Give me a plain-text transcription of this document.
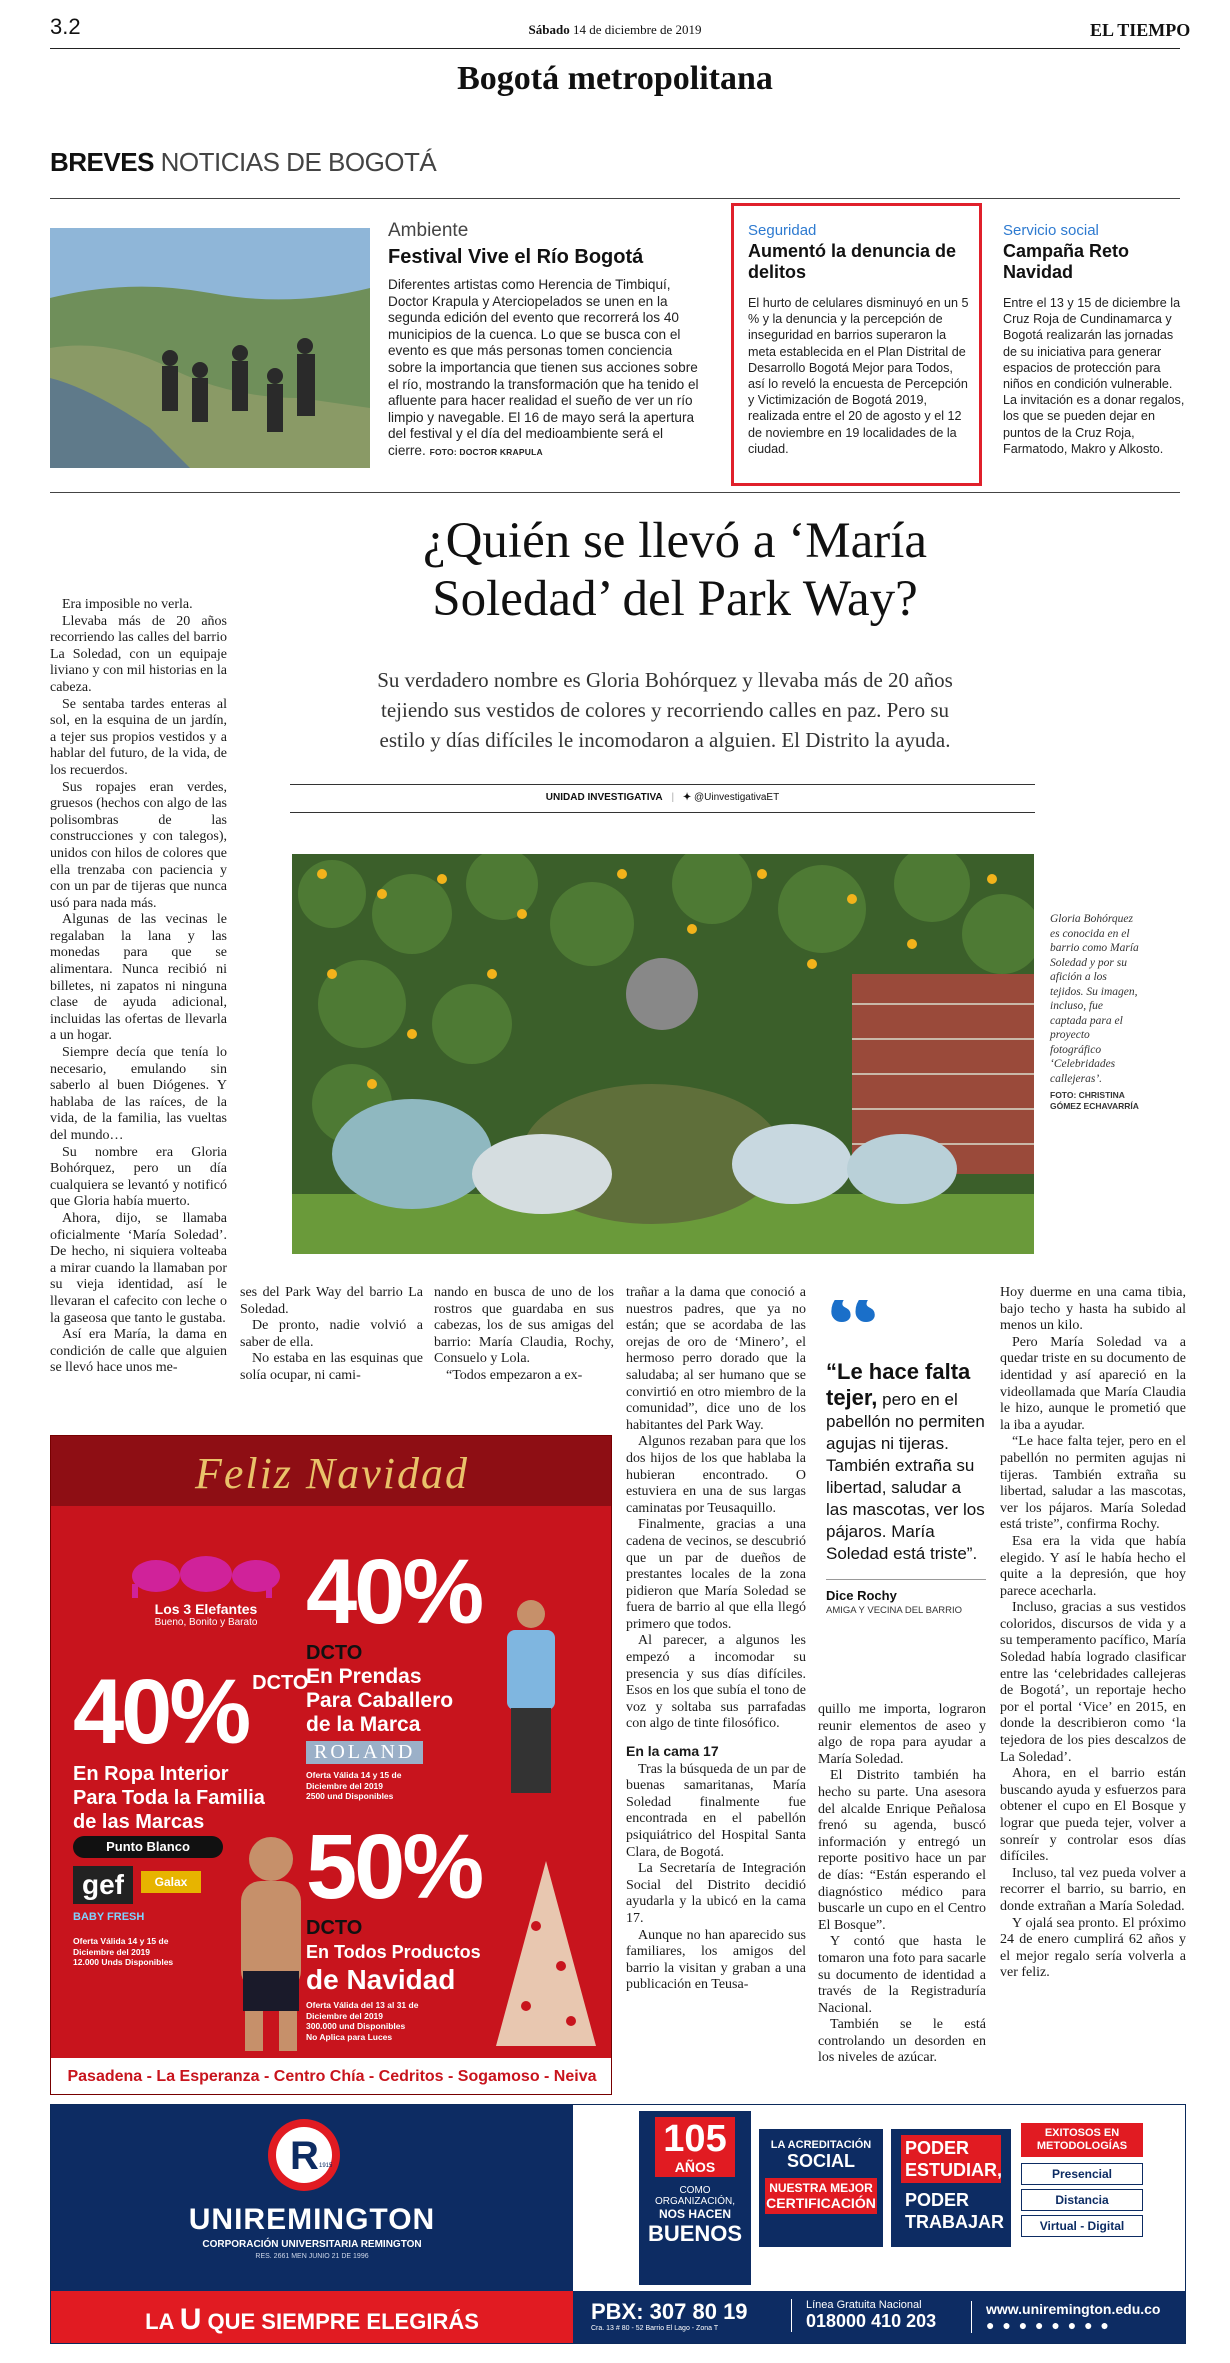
3.2	Sábado 14 de diciembre de 2019	EL TIEMPO
Bogotá metropolitana
BREVES NOTICIAS DE BOGOTÁ
Ambiente
Festival Vive el Río Bogotá
Diferentes artistas como Herencia de Timbiquí, Doctor Krapula y Aterciopelados se unen en la segunda edición del evento que recorrerá los 40 municipios de la cuenca. Lo que se busca con el evento es que más personas tomen conciencia sobre la importancia que tienen sus acciones sobre el río, mostrando la transformación que ha tenido el afluente para hacer realidad el sueño de ver un río limpio y navegable. El 16 de mayo será la apertura del festival y el día del medioambiente será el cierre. FOTO: DOCTOR KRAPULA
Seguridad
Aumentó la denuncia de delitos
El hurto de celulares disminuyó en un 5 % y la denuncia y la percepción de inseguridad en barrios superaron la meta establecida en el Plan Distrital de Desarrollo Bogotá Mejor para Todos, así lo reveló la encuesta de Percepción y Victimización de Bogotá 2019, realizada entre el 20 de agosto y el 12 de noviembre en 19 localidades de la ciudad.
Servicio social
Campaña Reto Navidad
Entre el 13 y 15 de diciembre la Cruz Roja de Cundinamarca y Bogotá realizarán las jornadas de su iniciativa para generar espacios de protección para niños en condición vulnerable. La invitación es a donar regalos, los que se pueden dejar en puntos de la Cruz Roja, Farmatodo, Makro y Alkosto.
¿Quién se llevó a ‘María
Soledad’ del Park Way?
Su verdadero nombre es Gloria Bohórquez y llevaba más de 20 años
tejiendo sus vestidos de colores y recorriendo calles en paz. Pero su
estilo y días difíciles le incomodaron a alguien. El Distrito la ayuda.
UNIDAD INVESTIGATIVA | ✦ @UinvestigativaET

Era imposible no verla.

Llevaba más de 20 años recorriendo las calles del barrio La Soledad, con un equipaje liviano y con mil historias en la cabeza.

Se sentaba tardes enteras al sol, en la esquina de un jardín, a tejer sus propios vestidos y a hablar del futuro, de la vida, de los recuerdos.

Sus ropajes eran verdes, gruesos (hechos con algo de las polisombras de las construcciones y con talegos), unidos con hilos de colores que ella trenzaba con paciencia y con un par de tijeras que nunca usó para nada más.

Algunas de las vecinas le regalaban la lana y las monedas para que se alimentara. Nunca recibió ni billetes, ni zapatos ni ninguna clase de ayuda adicional, incluidas las ofertas de llevarla a un hogar.

Siempre decía que tenía lo necesario, emulando sin saberlo al buen Diógenes. Y hablaba de las raíces, de la vida, de la familia, las vueltas del mundo…

Su nombre era Gloria Bohórquez, pero un día cualquiera se levantó y notificó que Gloria había muerto.

Ahora, dijo, se llamaba oficialmente ‘María Soledad’. De hecho, ni siquiera volteaba a mirar cuando la llamaban por su vieja identidad, así le llevaran el cafecito con leche o la gaseosa que tanto le gustaba.

Así era María, la dama en condición de calle que alguien se llevó hace unos me-

Gloria Bohórquez es conocida en el barrio como María Soledad y por su afición a los tejidos. Su imagen, incluso, fue captada para el proyecto fotográfico ‘Celebridades callejeras’.
FOTO: CHRISTINA GÓMEZ ECHAVARRÍA

ses del Park Way del barrio La Soledad.

De pronto, nadie volvió a saber de ella.

No estaba en las esquinas que solía ocupar, ni cami-

nando en busca de uno de los rostros que guardaba en sus cabezas, los de sus amigas del barrio: María Claudia, Rochy, Consuelo y Lola.

“Todos empezaron a ex-

trañar a la dama que conoció a nuestros padres, que ya no están; que se acordaba de las orejas de oro de ‘Minero’, el hermoso perro dorado que la saludaba; al ser humano que se convirtió en otro miembro de la comunidad”, dice uno de los habitantes del Park Way.

Algunos rezaban para que los dos hijos de los que hablaba la hubieran encontrado. O estuviera en una de sus largas caminatas por Teusaquillo.

Finalmente, gracias a una cadena de vecinos, se descubrió que un par de dueños de prestantes locales de la zona pidieron que María Soledad se fuera de barrio al que ella llegó primero que todos.

Al parecer, a algunos les empezó a incomodar su presencia y sus días difíciles. Esos en los que subía el tono de voz y soltaba sus parrafadas con algo de tinte filosófico.

En la cama 17

Tras la búsqueda de un par de buenas samaritanas, María Soledad finalmente fue encontrada en el pabellón psiquiátrico del Hospital Santa Clara, de Bogotá.

La Secretaría de Integración Social del Distrito decidió ayudarla y la ubicó en la cama 17.

Aunque no han aparecido sus familiares, los amigos del barrio la visitan y graban a una publicación en Teusa-

“Le hace falta tejer, pero en el pabellón no permiten agujas ni tijeras. También extraña su libertad, saludar a las mascotas, ver los pájaros. María Soledad está triste”.
Dice Rochy
AMIGA Y VECINA DEL BARRIO

quillo me importa, lograron reunir elementos de aseo y algo de ropa para ayudar a María Soledad.

El Distrito también ha hecho su parte. Una asesora del alcalde Enrique Peñalosa frenó su agenda, buscó información y entregó un reporte positivo hace un par de días: “Están esperando el diagnóstico médico para buscarle un cupo en el Centro El Bosque”.

Y contó que hasta le tomaron una foto para sacarle su documento de identidad a través de la Registraduría Nacional.

También se le está controlando un desorden en los niveles de azúcar.

Hoy duerme en una cama tibia, bajo techo y hasta ha subido al menos un kilo.

Pero María Soledad va a quedar triste en su documento de identidad y así apareció en la videollamada que María Claudia le hizo, aunque le prometió que la iba a ayudar.

“Le hace falta tejer, pero en el pabellón no permiten agujas ni tijeras. También extraña su libertad, saludar a las mascotas, ver los pájaros. María Soledad está triste”, confirma Rochy.

Esa era la vida que había elegido. Y así le había hecho el quite a la depresión, que hoy parece acecharla.

Incluso, gracias a sus vestidos coloridos, discursos de vida y a su temperamento pacífico, María Soledad había logrado clasificar entre las ‘celebridades callejeras de Bogotá’, un reportaje hecho por el portal ‘Vice’ en 2015, en donde la describieron como ‘la tejedora de los pies descalzos de La Soledad’.

Ahora, en el barrio están buscando ayuda y esfuerzos para obtener el cupo en El Bosque y lograr que pueda tejer, volver a sonreír y controlar esos días difíciles.

Incluso, tal vez pueda volver a recorrer el barrio, su barrio, en donde extrañan a María Soledad.

Y ojalá sea pronto. El próximo 24 de enero cumplirá 62 años y el mejor regalo sería volverla a ver feliz.

Feliz Navidad
Los 3 Elefantes
Bueno, Bonito y Barato
40% DCTO
En Ropa Interior
Para Toda la Familia
de las Marcas
Punto Blanco
gef	Galax
BABY FRESH
Oferta Válida 14 y 15 de Diciembre del 2019
12.000 Unds Disponibles
40% DCTO
En Prendas
Para Caballero
de la Marca
ROLAND
Oferta Válida 14 y 15 de Diciembre del 2019
2500 und Disponibles
50% DCTO
En Todos Productos
de Navidad
Oferta Válida del 13 al 31 de Diciembre del 2019
300.000 und Disponibles
No Aplica para Luces
Pasadena - La Esperanza - Centro Chía - Cedritos - Sogamoso - Neiva
R 1915
UNIREMINGTON
CORPORACIÓN UNIVERSITARIA REMINGTON
RES. 2661 MEN JUNIO 21 DE 1996
LA U QUE SIEMPRE ELEGIRÁS
105
AÑOS
COMO ORGANIZACIÓN,
NOS HACEN
BUENOS
LA ACREDITACIÓN
SOCIAL
NUESTRA MEJOR
CERTIFICACIÓN
PODER
ESTUDIAR,
PODER
TRABAJAR
EXITOSOS EN
METODOLOGÍAS
Presencial
Distancia
Virtual - Digital
PBX: 307 80 19
Cra. 13 # 80 - 52 Barrio El Lago - Zona T
Línea Gratuita Nacional
018000 410 203
www.uniremington.edu.co
● ● ● ● ● ● ● ●
